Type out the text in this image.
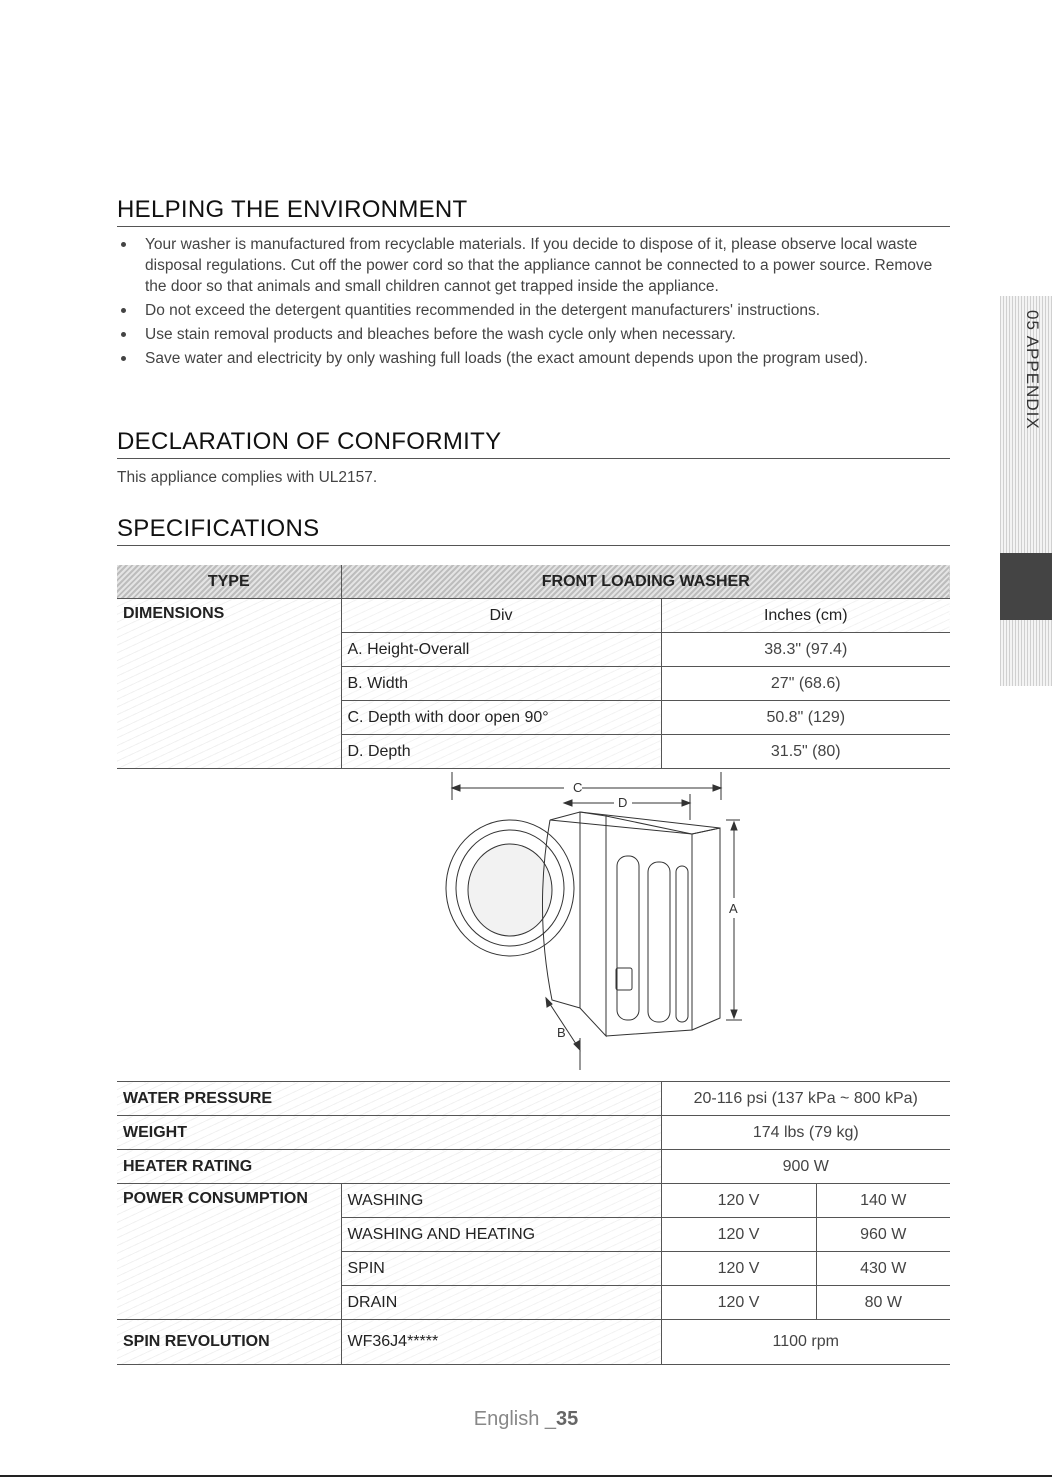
HELPING THE ENVIRONMENT
Your washer is manufactured from recyclable materials. If you decide to dispose of it, please observe local waste disposal regulations. Cut off the power cord so that the appliance cannot be connected to a power source. Remove the door so that animals and small children cannot get trapped inside the appliance.
Do not exceed the detergent quantities recommended in the detergent manufacturers' instructions.
Use stain removal products and bleaches before the wash cycle only when necessary.
Save water and electricity by only washing full loads (the exact amount depends upon the program used).
DECLARATION OF CONFORMITY
This appliance complies with UL2157.
SPECIFICATIONS
TYPE	FRONT LOADING WASHER	
DIMENSIONS	Div	Inches (cm)
	A. Height-Overall	38.3" (97.4)
	B. Width	27" (68.6)
	C. Depth with door open 90°	50.8" (129)
	D. Depth	31.5" (80)
C
D
A
B
WATER PRESSURE		20-116 psi (137 kPa ~ 800 kPa)	
WEIGHT		174 lbs (79 kg)	
HEATER RATING		900 W	
POWER CONSUMPTION	WASHING	120 V	140 W
	WASHING AND HEATING	120 V	960 W
	SPIN	120 V	430 W
	DRAIN	120 V	80 W
SPIN REVOLUTION	WF36J4*****	1100 rpm	
05 APPENDIX
English _35
